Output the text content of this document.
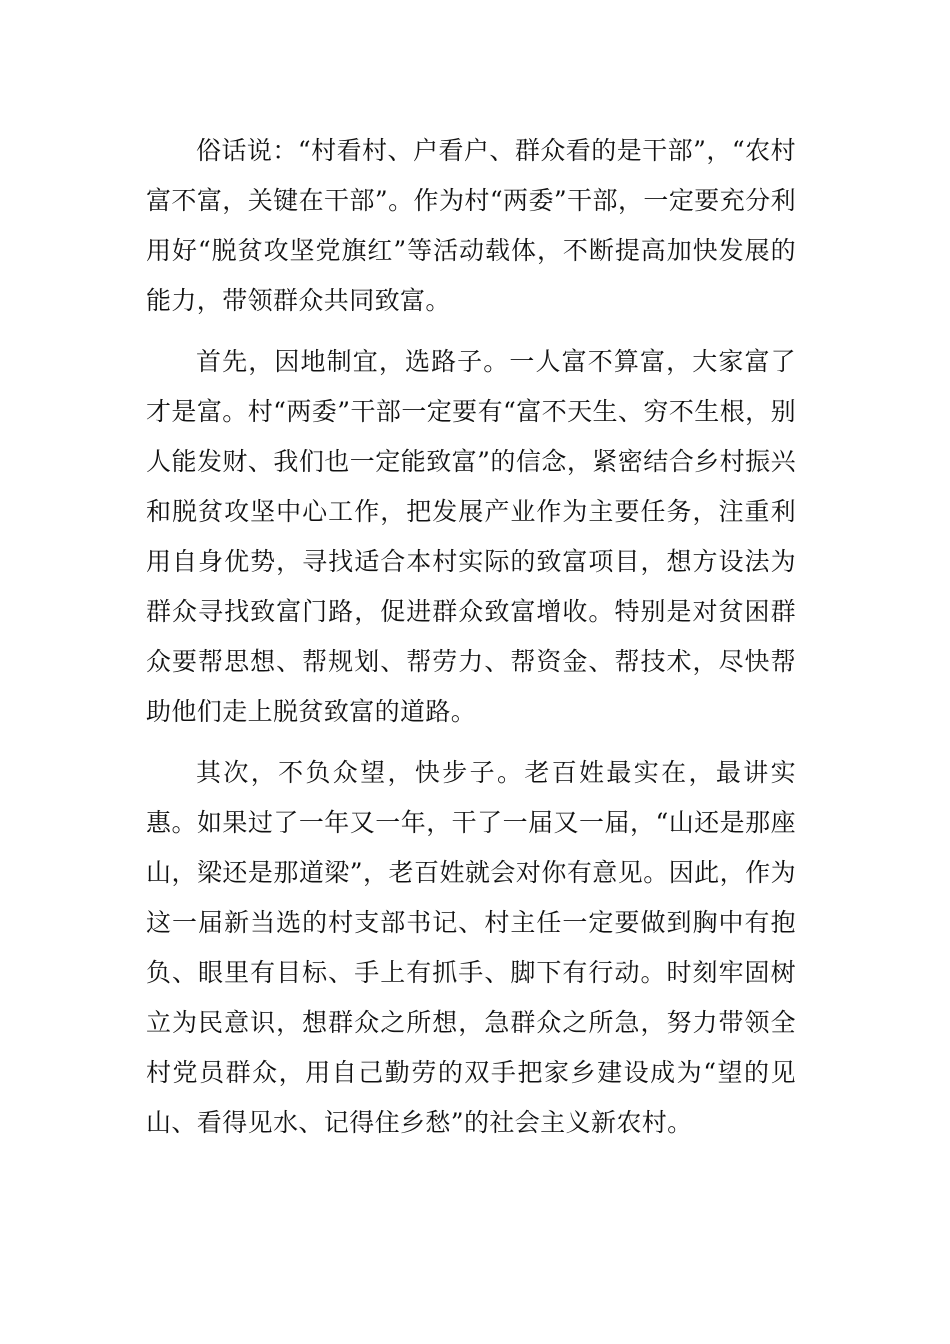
俗话说：“村看村、户看户、群众看的是干部”，“农村富不富，关键在干部”。作为村“两委”干部，一定要充分利用好“脱贫攻坚党旗红”等活动载体，不断提高加快发展的能力，带领群众共同致富。

首先，因地制宜，选路子。一人富不算富，大家富了才是富。村“两委”干部一定要有“富不天生、穷不生根，别人能发财、我们也一定能致富”的信念，紧密结合乡村振兴和脱贫攻坚中心工作，把发展产业作为主要任务，注重利用自身优势，寻找适合本村实际的致富项目，想方设法为群众寻找致富门路，促进群众致富增收。特别是对贫困群众要帮思想、帮规划、帮劳力、帮资金、帮技术，尽快帮助他们走上脱贫致富的道路。

其次，不负众望，快步子。老百姓最实在，最讲实惠。如果过了一年又一年，干了一届又一届，“山还是那座山，梁还是那道梁”，老百姓就会对你有意见。因此，作为这一届新当选的村支部书记、村主任一定要做到胸中有抱负、眼里有目标、手上有抓手、脚下有行动。时刻牢固树立为民意识，想群众之所想，急群众之所急，努力带领全村党员群众，用自己勤劳的双手把家乡建设成为“望的见山、看得见水、记得住乡愁”的社会主义新农村。
